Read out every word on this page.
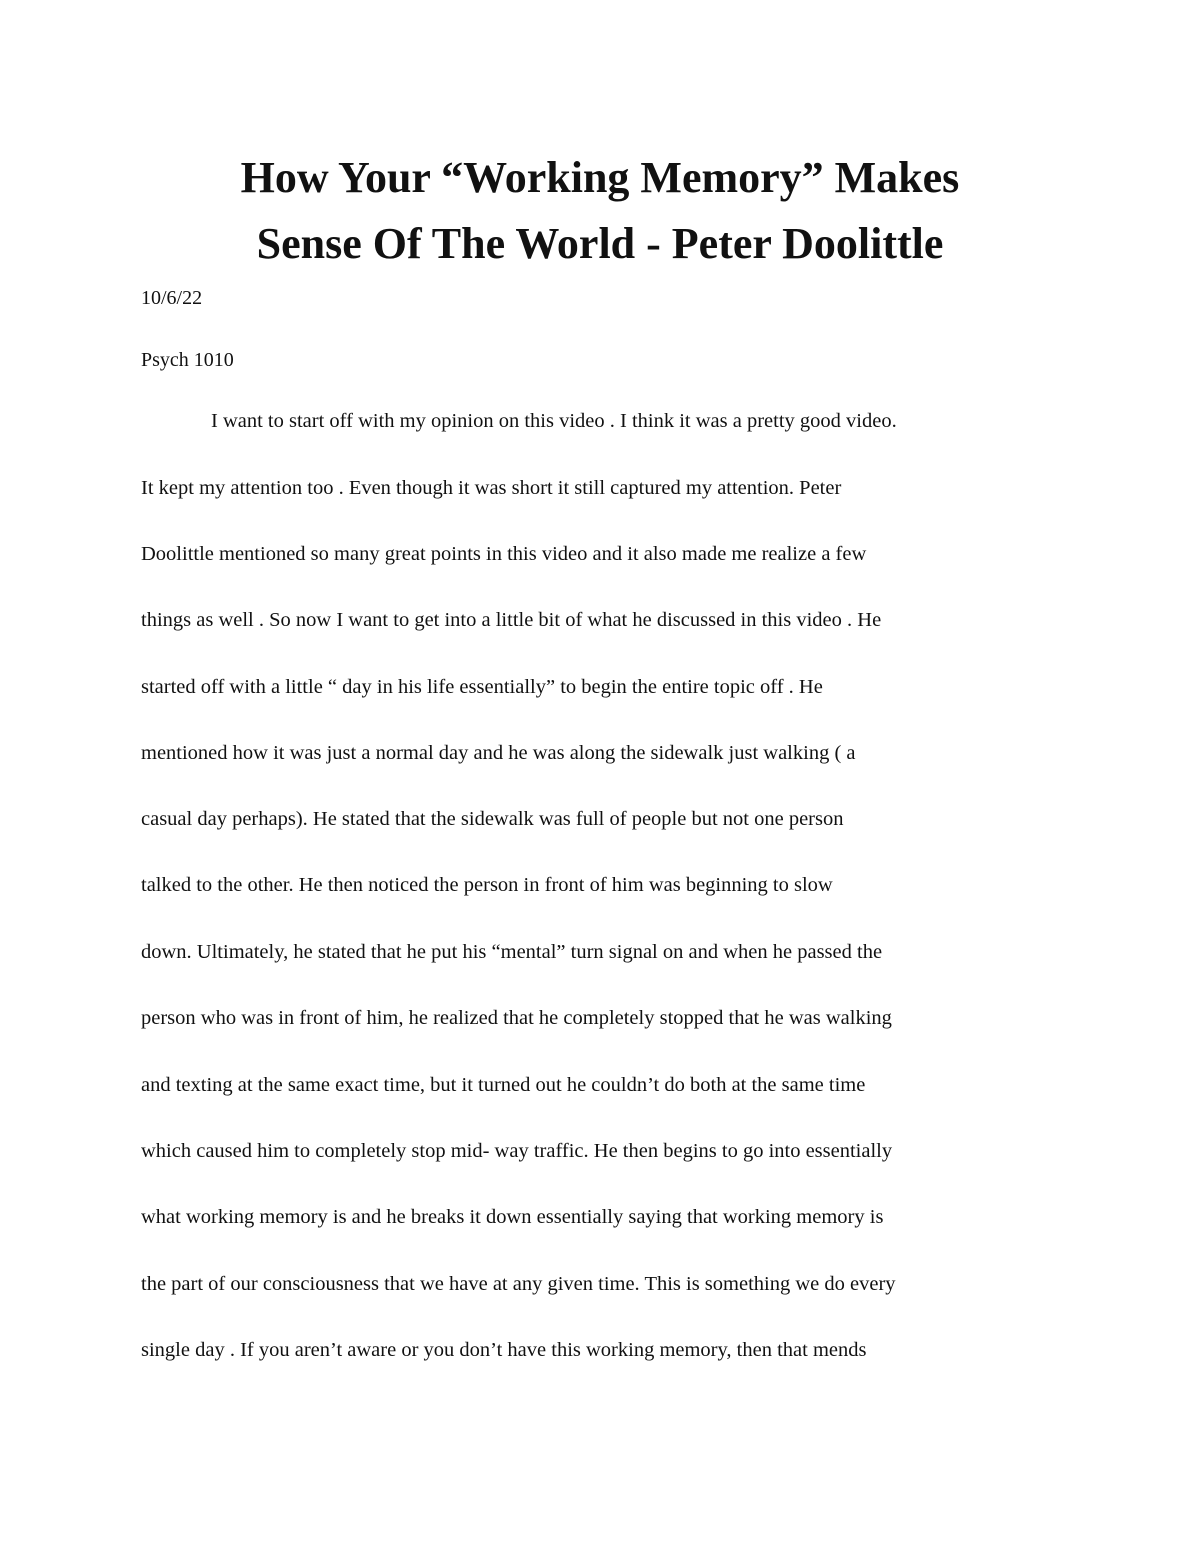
How Your “Working Memory” Makes
Sense Of The World - Peter Doolittle

10/6/22

Psych 1010

I want to start off with my opinion on this video . I think it was a pretty good video.

It kept my attention too . Even though it was short it still captured my attention. Peter

Doolittle mentioned so many great points in this video and it also made me realize a few

things as well . So now I want to get into a little bit of what he discussed in this video . He

started off with a little “ day in his life essentially” to begin the entire topic off . He

mentioned how it was just a normal day and he was along the sidewalk just walking ( a

casual day perhaps). He stated that the sidewalk was full of people but not one person

talked to the other. He then noticed the person in front of him was beginning to slow

down. Ultimately, he stated that he put his “mental” turn signal on and when he passed the

person who was in front of him, he realized that he completely stopped that he was walking

and texting at the same exact time, but it turned out he couldn’t do both at the same time

which caused him to completely stop mid- way traffic. He then begins to go into essentially

what working memory is and he breaks it down essentially saying that working memory is

the part of our consciousness that we have at any given time. This is something we do every

single day . If you aren’t aware or you don’t have this working memory, then that mends
